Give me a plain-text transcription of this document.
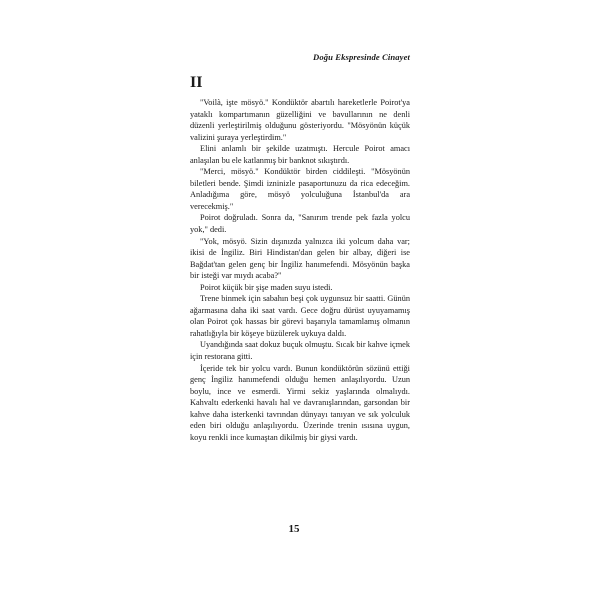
Doğu Ekspresinde Cinayet
II

"Voilà, işte mösyö." Kondüktör abartılı hareketlerle Poirot'ya yataklı kompartımanın güzelliğini ve bavullarının ne denli düzenli yerleştirilmiş olduğunu gösteriyordu. "Mösyönün küçük valizini şuraya yerleştirdim."

Elini anlamlı bir şekilde uzatmıştı. Hercule Poirot amacı anlaşılan bu ele katlanmış bir banknot sıkıştırdı.

"Merci, mösyö." Kondüktör birden ciddileşti. "Mösyönün biletleri bende. Şimdi izninizle pasaportunuzu da rica edeceğim. Anladığıma göre, mösyö yolculuğuna İstanbul'da ara verecekmiş."

Poirot doğruladı. Sonra da, "Sanırım trende pek fazla yolcu yok," dedi.

"Yok, mösyö. Sizin dışınızda yalnızca iki yolcum daha var; ikisi de İngiliz. Biri Hindistan'dan gelen bir albay, diğeri ise Bağdat'tan gelen genç bir İngiliz hanımefendi. Mösyönün başka bir isteği var mıydı acaba?"

Poirot küçük bir şişe maden suyu istedi.

Trene binmek için sabahın beşi çok uygunsuz bir saatti. Günün ağarmasına daha iki saat vardı. Gece doğru dürüst uyuyamamış olan Poirot çok hassas bir görevi başarıyla tamamlamış olmanın rahatlığıyla bir köşeye büzülerek uykuya daldı.

Uyandığında saat dokuz buçuk olmuştu. Sıcak bir kahve içmek için restorana gitti.

İçeride tek bir yolcu vardı. Bunun kondüktörün sözünü ettiği genç İngiliz hanımefendi olduğu hemen anlaşılıyordu. Uzun boylu, ince ve esmerdi. Yirmi sekiz yaşlarında olmalıydı. Kahvaltı ederkenki havalı hal ve davranışlarından, garsondan bir kahve daha isterkenki tavrından dünyayı tanıyan ve sık yolculuk eden biri olduğu anlaşılıyordu. Üzerinde trenin ısısına uygun, koyu renkli ince kumaştan dikilmiş bir giysi vardı.

15
